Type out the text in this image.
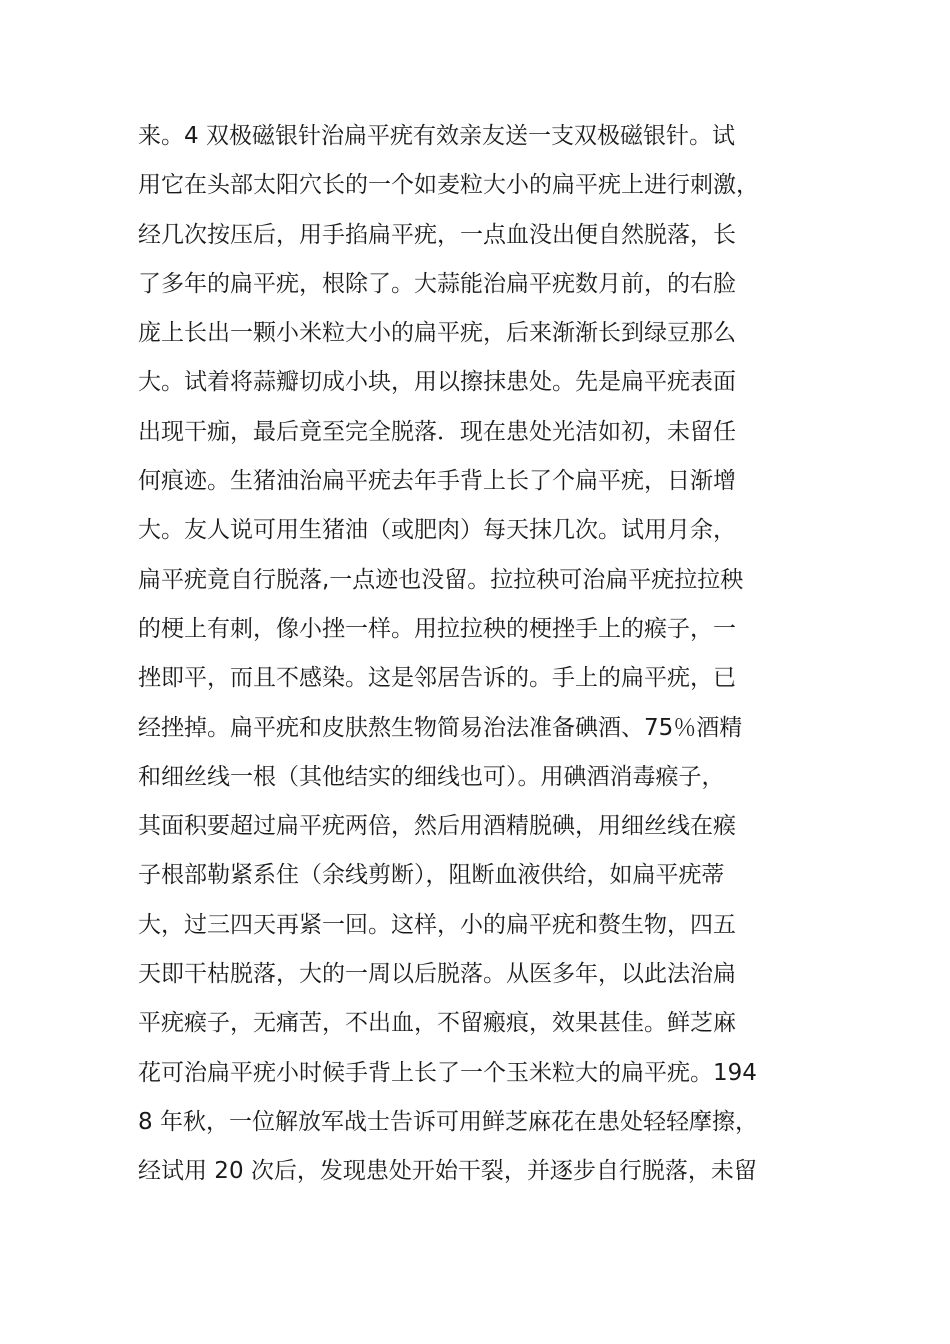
来。4 双极磁银针治扁平疣有效亲友送一支双极磁银针。试
用它在头部太阳穴长的一个如麦粒大小的扁平疣上进行刺激，
经几次按压后，用手掐扁平疣，一点血没出便自然脱落，长
了多年的扁平疣，根除了。大蒜能治扁平疣数月前，的右脸
庞上长出一颗小米粒大小的扁平疣，后来渐渐长到绿豆那么
大。试着将蒜瓣切成小块，用以擦抹患处。先是扁平疣表面
出现干痂，最后竟至完全脱落．现在患处光洁如初，未留任
何痕迹。生猪油治扁平疣去年手背上长了个扁平疣，日渐增
大。友人说可用生猪油（或肥肉）每天抹几次。试用月余，
扁平疣竟自行脱落,一点迹也没留。拉拉秧可治扁平疣拉拉秧
的梗上有刺，像小挫一样。用拉拉秧的梗挫手上的瘊子，一
挫即平，而且不感染。这是邻居告诉的。手上的扁平疣，已
经挫掉。扁平疣和皮肤熬生物简易治法准备碘酒、75％酒精
和细丝线一根（其他结实的细线也可）。用碘酒消毒瘊子，
其面积要超过扁平疣两倍，然后用酒精脱碘，用细丝线在瘊
子根部勒紧系住（余线剪断），阻断血液供给，如扁平疣蒂
大，过三四天再紧一回。这样，小的扁平疣和赘生物，四五
天即干枯脱落，大的一周以后脱落。从医多年，以此法治扁
平疣瘊子，无痛苦，不出血，不留瘢痕，效果甚佳。鲜芝麻
花可治扁平疣小时候手背上长了一个玉米粒大的扁平疣。194
8 年秋，一位解放军战士告诉可用鲜芝麻花在患处轻轻摩擦，
经试用 20 次后，发现患处开始干裂，并逐步自行脱落，未留
